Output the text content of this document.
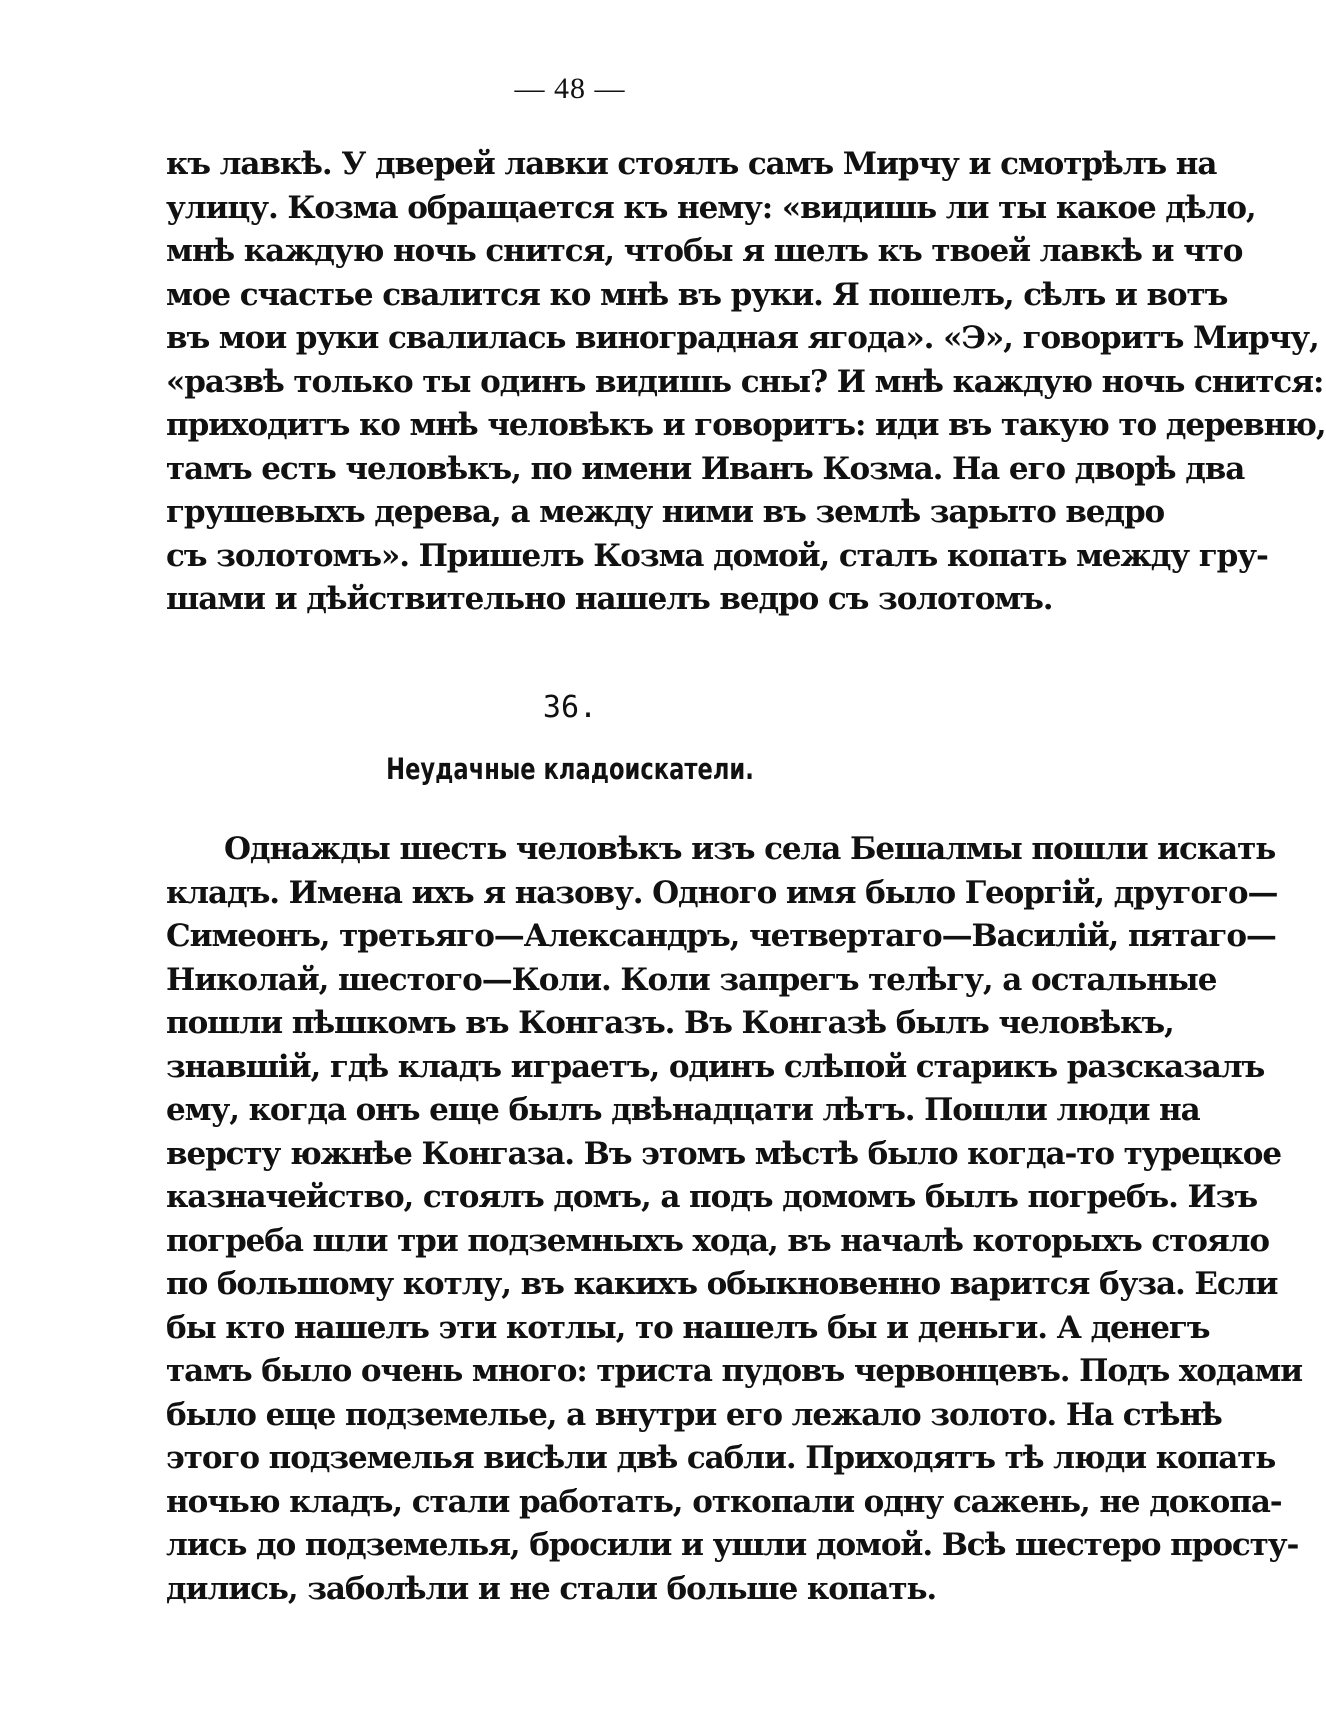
— 48 —
къ лавкѣ. У дверей лавки стоялъ самъ Мирчу и смотрѣлъ на
улицу. Козма обращается къ нему: «видишь ли ты какое дѣло,
мнѣ каждую ночь снится, чтобы я шелъ къ твоей лавкѣ и что
мое счастье свалится ко мнѣ въ руки. Я пошелъ, сѣлъ и вотъ
въ мои руки свалилась виноградная ягода». «Э», говоритъ Мирчу,
«развѣ только ты одинъ видишь сны? И мнѣ каждую ночь снится:
приходитъ ко мнѣ человѣкъ и говоритъ: иди въ такую то деревню,
тамъ есть человѣкъ, по имени Иванъ Козма. На его дворѣ два
грушевыхъ дерева, а между ними въ землѣ зарыто ведро
съ золотомъ». Пришелъ Козма домой, сталъ копать между гру-
шами и дѣйствительно нашелъ ведро съ золотомъ.
36.
Неудачные кладоискатели.
Однажды шесть человѣкъ изъ села Бешалмы пошли искать
кладъ. Имена ихъ я назову. Одного имя было Георгій, другого—
Симеонъ, третьяго—Александръ, четвертаго—Василій, пятаго—
Николай, шестого—Коли. Коли запрегъ телѣгу, а остальные
пошли пѣшкомъ въ Конгазъ. Въ Конгазѣ былъ человѣкъ,
знавшій, гдѣ кладъ играетъ, одинъ слѣпой старикъ разсказалъ
ему, когда онъ еще былъ двѣнадцати лѣтъ. Пошли люди на
версту южнѣе Конгаза. Въ этомъ мѣстѣ было когда-то турецкое
казначейство, стоялъ домъ, а подъ домомъ былъ погребъ. Изъ
погреба шли три подземныхъ хода, въ началѣ которыхъ стояло
по большому котлу, въ какихъ обыкновенно варится буза. Если
бы кто нашелъ эти котлы, то нашелъ бы и деньги. А денегъ
тамъ было очень много: триста пудовъ червонцевъ. Подъ ходами
было еще подземелье, а внутри его лежало золото. На стѣнѣ
этого подземелья висѣли двѣ сабли. Приходятъ тѣ люди копать
ночью кладъ, стали работать, откопали одну сажень, не докопа-
лись до подземелья, бросили и ушли домой. Всѣ шестеро просту-
дились, заболѣли и не стали больше копать.
